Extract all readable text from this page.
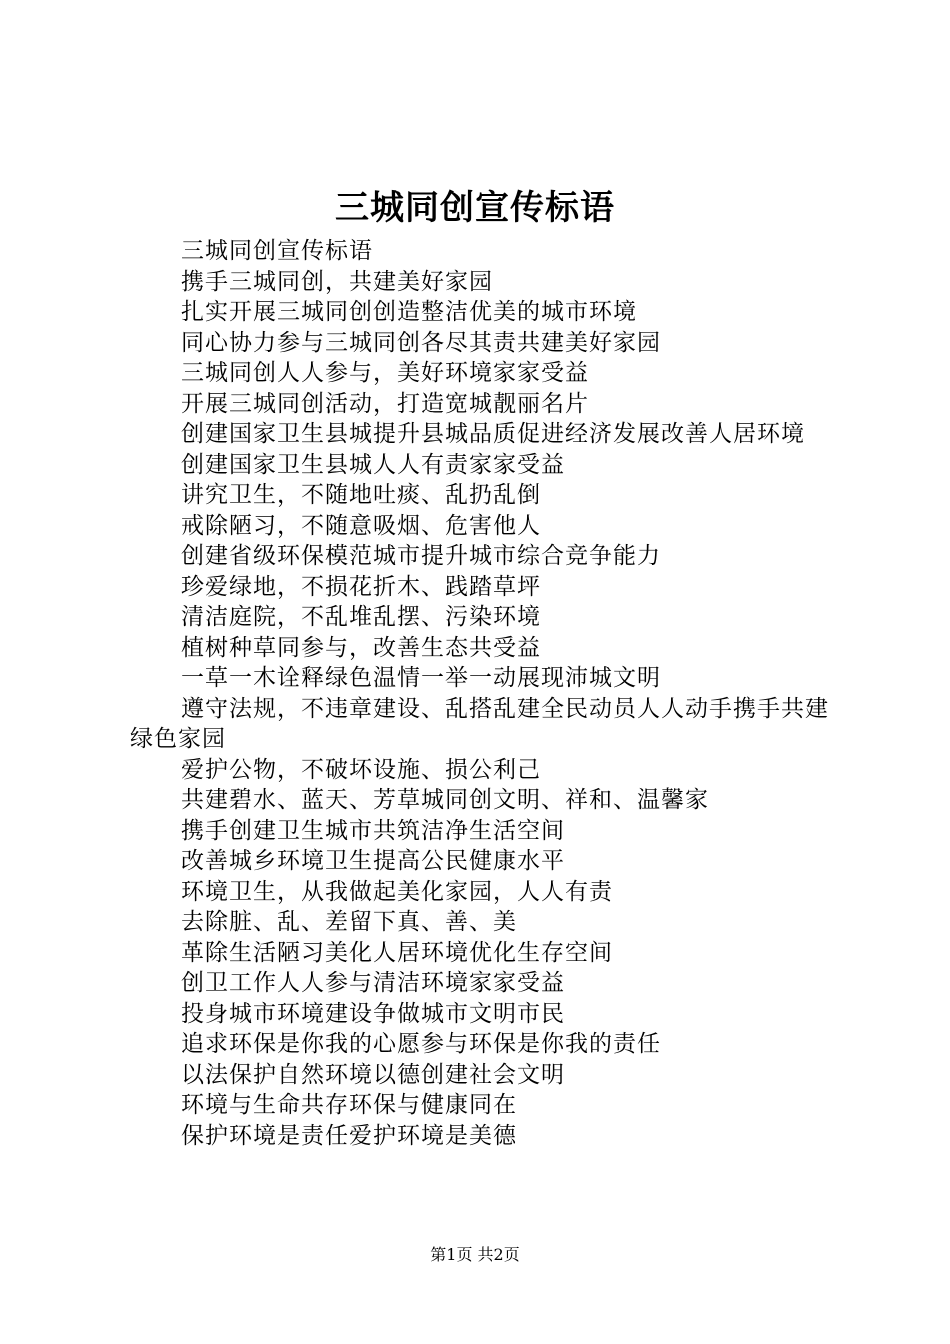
三城同创宣传标语
三城同创宣传标语
携手三城同创，共建美好家园
扎实开展三城同创创造整洁优美的城市环境
同心协力参与三城同创各尽其责共建美好家园
三城同创人人参与，美好环境家家受益
开展三城同创活动，打造宽城靓丽名片
创建国家卫生县城提升县城品质促进经济发展改善人居环境
创建国家卫生县城人人有责家家受益
讲究卫生，不随地吐痰、乱扔乱倒
戒除陋习，不随意吸烟、危害他人
创建省级环保模范城市提升城市综合竞争能力
珍爱绿地，不损花折木、践踏草坪
清洁庭院，不乱堆乱摆、污染环境
植树种草同参与，改善生态共受益
一草一木诠释绿色温情一举一动展现沛城文明
遵守法规，不违章建设、乱搭乱建全民动员人人动手携手共建绿色家园
爱护公物，不破坏设施、损公利己
共建碧水、蓝天、芳草城同创文明、祥和、温馨家
携手创建卫生城市共筑洁净生活空间
改善城乡环境卫生提高公民健康水平
环境卫生，从我做起美化家园，人人有责
去除脏、乱、差留下真、善、美
革除生活陋习美化人居环境优化生存空间
创卫工作人人参与清洁环境家家受益
投身城市环境建设争做城市文明市民
追求环保是你我的心愿参与环保是你我的责任
以法保护自然环境以德创建社会文明
环境与生命共存环保与健康同在
保护环境是责任爱护环境是美德
第1页 共2页
